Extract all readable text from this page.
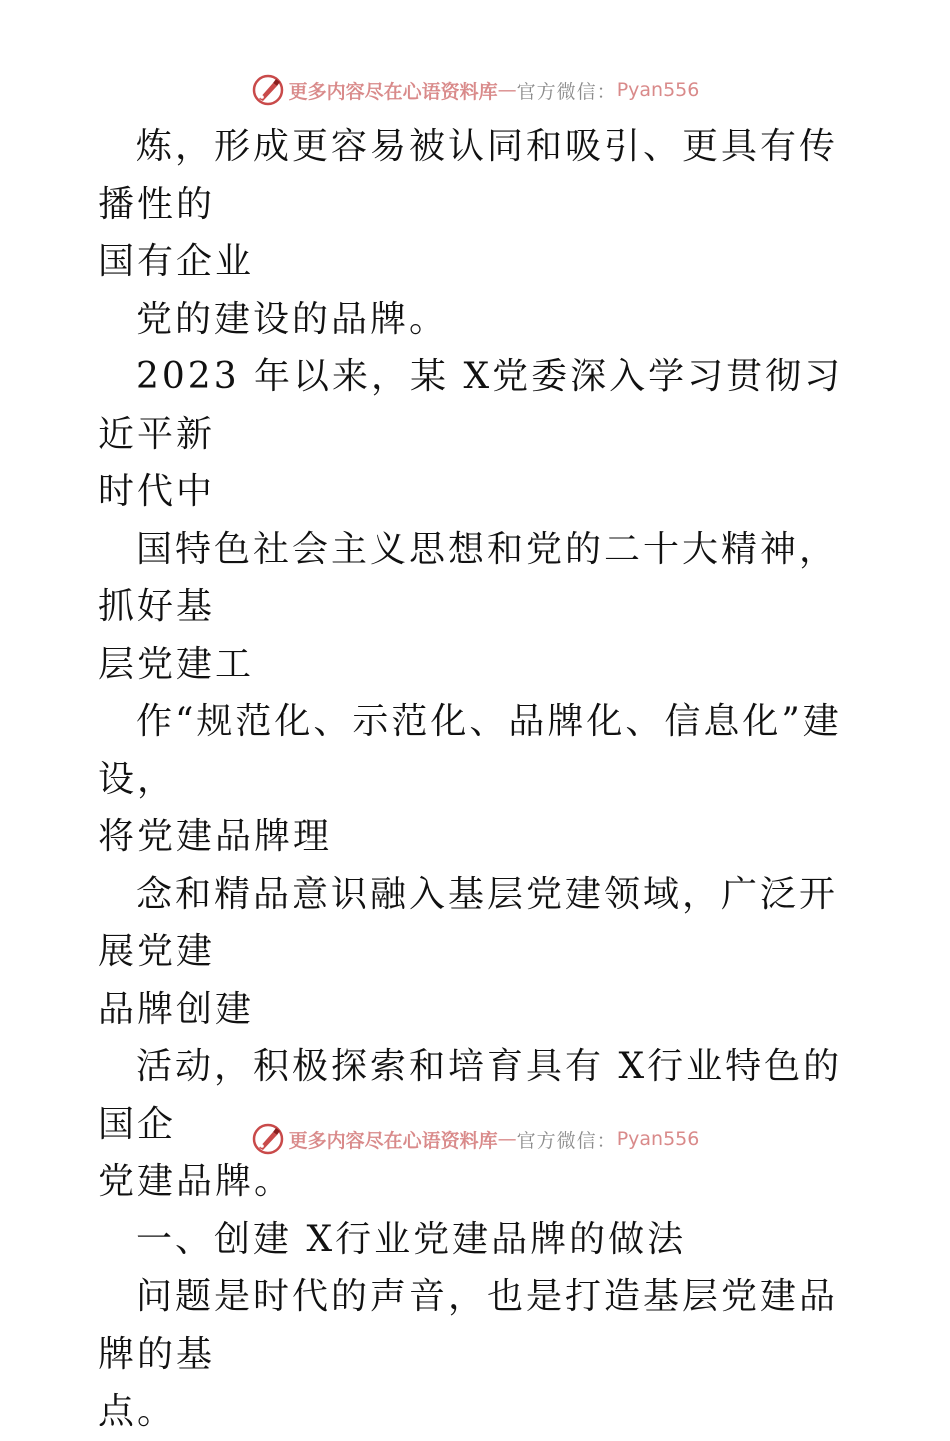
更多内容尽在心语资料库 — 官方微信： Pyan556

炼，形成更容易被认同和吸引、更具有传播性的
国有企业

党的建设的品牌。

2023 年以来，某 X党委深入学习贯彻习近平新
时代中

国特色社会主义思想和党的二十大精神，抓好基
层党建工

作“规范化、示范化、品牌化、信息化”建设，
将党建品牌理

念和精品意识融入基层党建领域，广泛开展党建
品牌创建

活动，积极探索和培育具有 X行业特色的国企
党建品牌。

一、创建 X行业党建品牌的做法

问题是时代的声音，也是打造基层党建品牌的基
点。

更多内容尽在心语资料库 — 官方微信： Pyan556
